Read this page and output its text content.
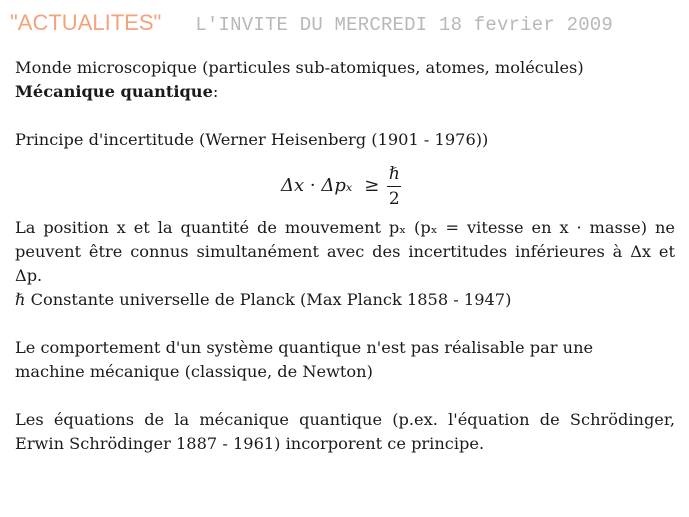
"ACTUALITES" L'INVITE DU MERCREDI 18 fevrier 2009
Monde microscopique (particules sub-atomiques, atomes, molécules)
Mécanique quantique:
Principe d'incertitude (Werner Heisenberg (1901 - 1976))
$\Delta x \cdot \Delta p_x \ge \frac{\text{ℏ}}{2}$
La position x et la quantité de mouvement pₓ (pₓ = vitesse en x · masse) ne
peuvent être connus simultanément avec des incertitudes inférieures à Δx et
Δp.
ℏ Constante universelle de Planck (Max Planck 1858 - 1947)
Le comportement d'un système quantique n'est pas réalisable par une
machine mécanique (classique, de Newton)
Les équations de la mécanique quantique (p.ex. l'équation de Schrödinger,
Erwin Schrödinger 1887 - 1961) incorporent ce principe.
